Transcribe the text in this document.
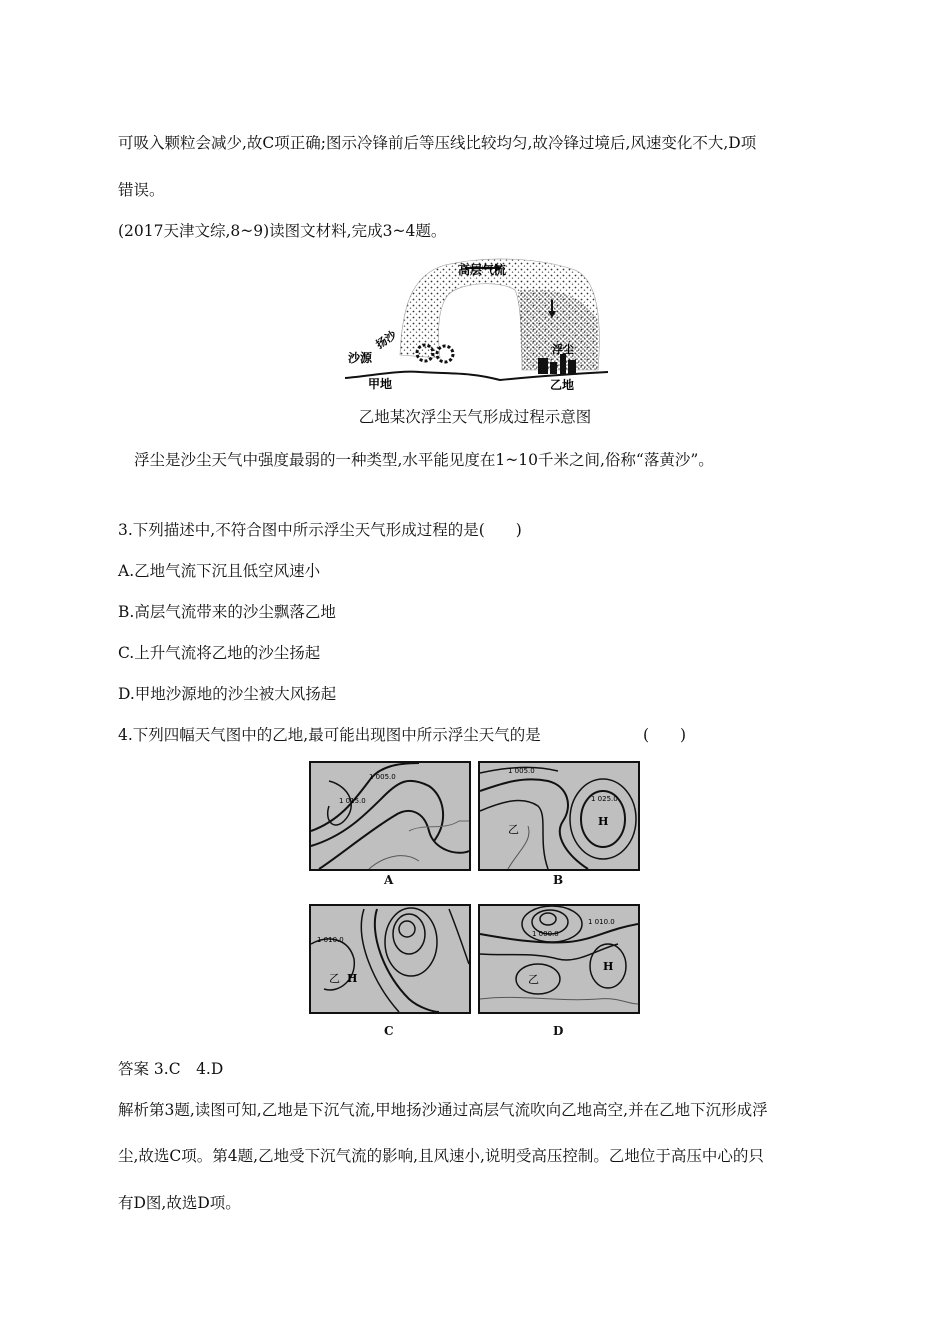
可吸入颗粒会减少,故C项正确;图示冷锋前后等压线比较均匀,故冷锋过境后,风速变化不大,D项
错误。
(2017天津文综,8~9)读图文材料,完成3~4题。
高层气流
扬沙
沙源
浮尘
甲地	乙地
乙地某次浮尘天气形成过程示意图
浮尘是沙尘天气中强度最弱的一种类型,水平能见度在1~10千米之间,俗称“落黄沙”。
3.下列描述中,不符合图中所示浮尘天气形成过程的是(　　)
A.乙地气流下沉且低空风速小
B.高层气流带来的沙尘飘落乙地
C.上升气流将乙地的沙尘扬起
D.甲地沙源地的沙尘被大风扬起
4.下列四幅天气图中的乙地,最可能出现图中所示浮尘天气的是	(　　)
1 005.0
1 015.0
A
1 005.0
1 025.0
H
乙
B
1 010.0
乙 H
C
1 000.0
1 010.0
H
乙
D
答案 3.C　4.D
解析第3题,读图可知,乙地是下沉气流,甲地扬沙通过高层气流吹向乙地高空,并在乙地下沉形成浮
尘,故选C项。第4题,乙地受下沉气流的影响,且风速小,说明受高压控制。乙地位于高压中心的只
有D图,故选D项。
